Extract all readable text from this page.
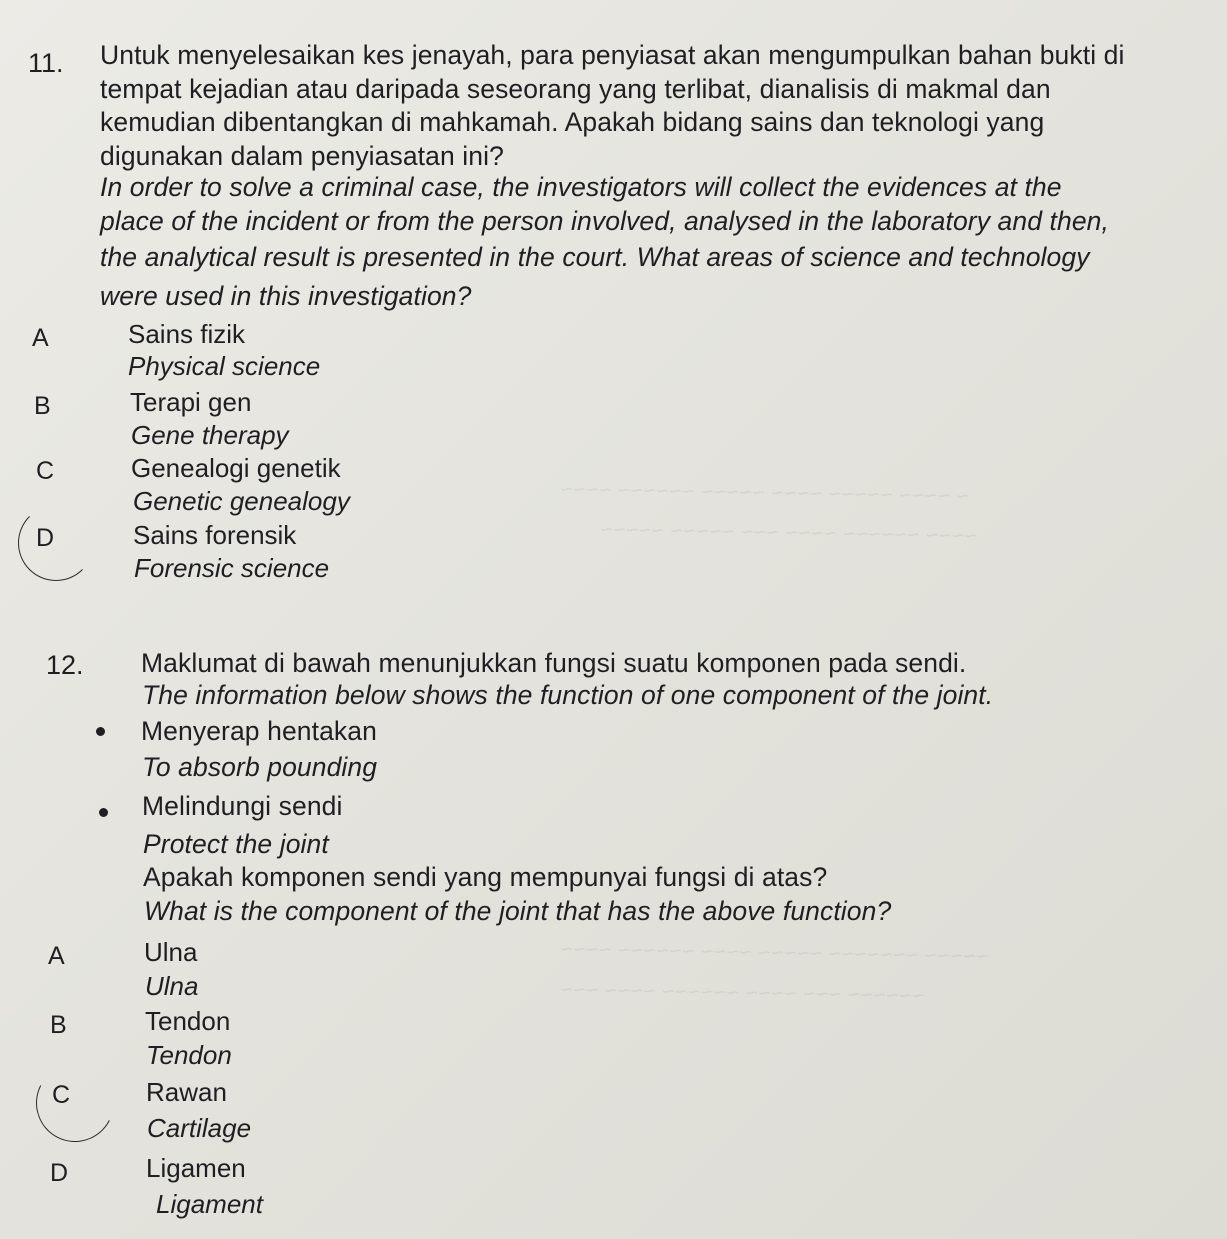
~ ~~~~ ~~~~~ ~~~~ ~~~~~ ~~~~~~ ~~~~
~~~~ ~~~~~~ ~~~~ ~~~ ~~~~~ ~~~~~
~~~~~ ~~~~~~~ ~~~~~ ~~~~ ~~~~~~ ~~~~
~~~~~~ ~~~ ~~~~ ~~~~~~ ~~~~ ~~~
11. Untuk menyelesaikan kes jenayah, para penyiasat akan mengumpulkan bahan bukti di
tempat kejadian atau daripada seseorang yang terlibat, dianalisis di makmal dan
kemudian dibentangkan di mahkamah. Apakah bidang sains dan teknologi yang
digunakan dalam penyiasatan ini?
In order to solve a criminal case, the investigators will collect the evidences at the
place of the incident or from the person involved, analysed in the laboratory and then,
the analytical result is presented in the court. What areas of science and technology
were used in this investigation?
A	Sains fizik
Physical science
B	Terapi gen
Gene therapy
C	Genealogi genetik
Genetic genealogy
D	Sains forensik
Forensic science
12. Maklumat di bawah menunjukkan fungsi suatu komponen pada sendi.
The information below shows the function of one component of the joint.
Menyerap hentakan
To absorb pounding
Melindungi sendi
Protect the joint
Apakah komponen sendi yang mempunyai fungsi di atas?
What is the component of the joint that has the above function?
A	Ulna
Ulna
B	Tendon
Tendon
C	Rawan
Cartilage
D	Ligamen
Ligament
